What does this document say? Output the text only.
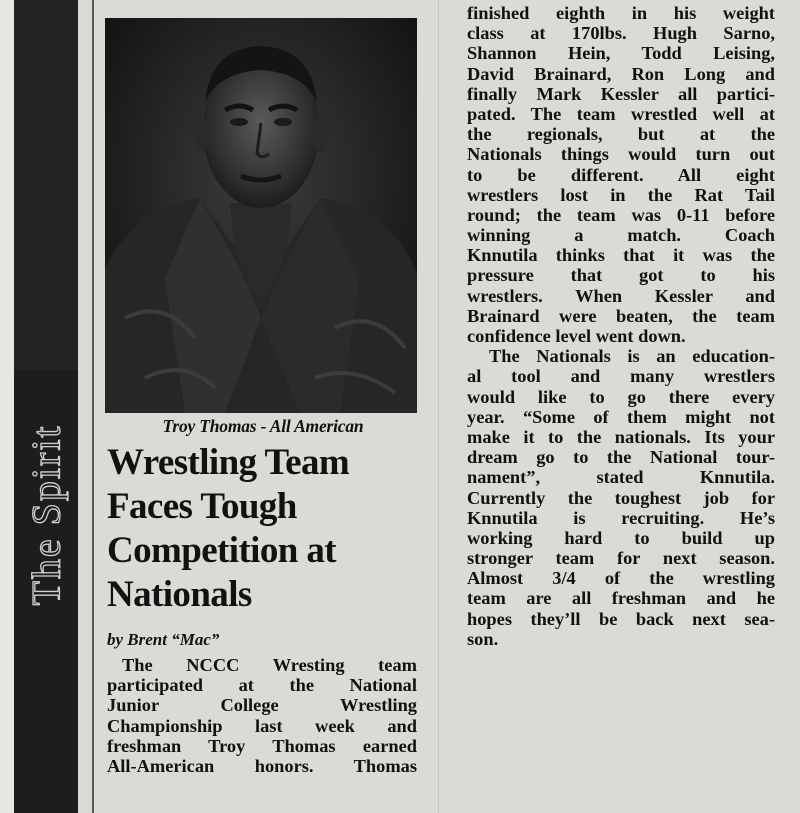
The Spirit	Troy Thomas - All American
Wrestling Team
Faces Tough
Competition at
Nationals
by Brent “Mac”
The NCCC Wresting team
participated at the National
Junior College Wrestling
Championship last week and
freshman Troy Thomas earned
All-American honors. Thomas
finished eighth in his weight
class at 170lbs. Hugh Sarno,
Shannon Hein, Todd Leising,
David Brainard, Ron Long and
finally Mark Kessler all partici-
pated. The team wrestled well at
the regionals, but at the
Nationals things would turn out
to be different. All eight
wrestlers lost in the Rat Tail
round; the team was 0-11 before
winning a match. Coach
Knnutila thinks that it was the
pressure that got to his
wrestlers. When Kessler and
Brainard were beaten, the team
confidence level went down.
The Nationals is an education-
al tool and many wrestlers
would like to go there every
year. “Some of them might not
make it to the nationals. Its your
dream go to the National tour-
nament”, stated Knnutila.
Currently the toughest job for
Knnutila is recruiting. He’s
working hard to build up
stronger team for next season.
Almost 3/4 of the wrestling
team are all freshman and he
hopes they’ll be back next sea-
son.
